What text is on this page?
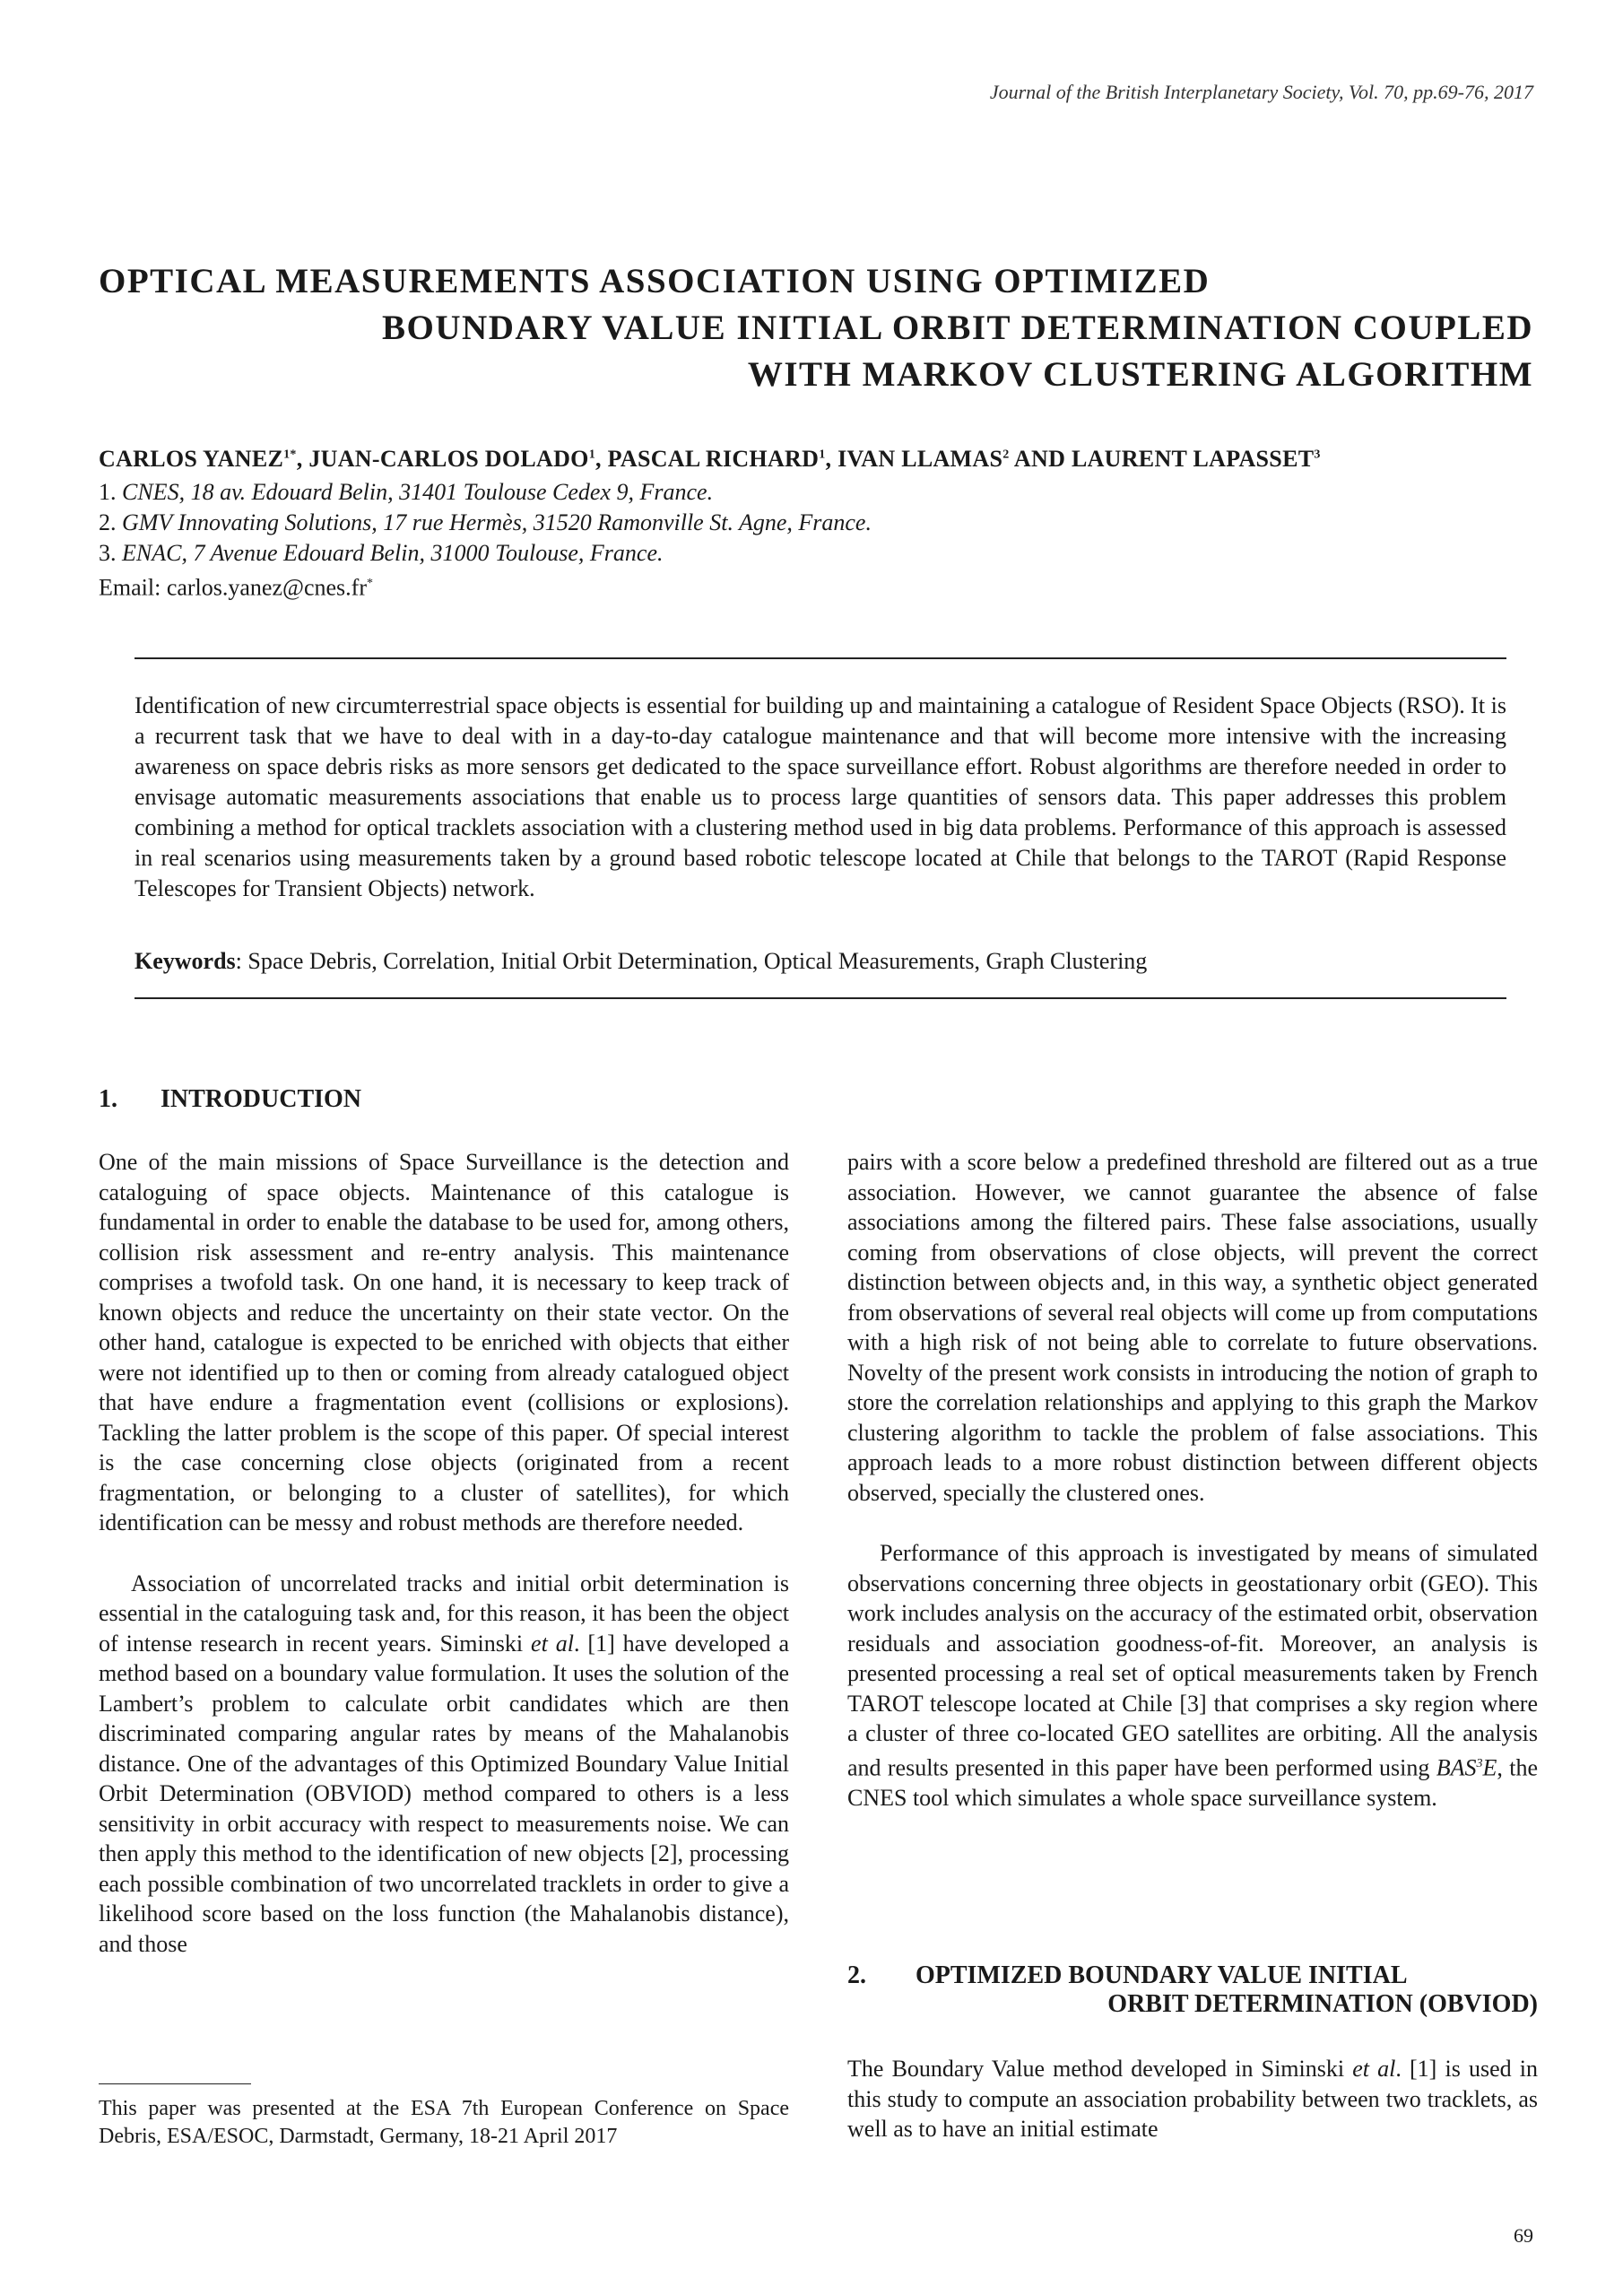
Journal of the British Interplanetary Society, Vol. 70, pp.69-76, 2017
OPTICAL MEASUREMENTS ASSOCIATION USING OPTIMIZED
BOUNDARY VALUE INITIAL ORBIT DETERMINATION COUPLED
WITH MARKOV CLUSTERING ALGORITHM
CARLOS $YANEZ^{1*}$, JUAN-CARLOS DOLADO$^1$, PASCAL RICHARD$^1$, IVAN LLAMAS$^2$ AND LAURENT LAPASSET$^3$
1. CNES, 18 av. Edouard Belin, 31401 Toulouse Cedex 9, France.
2. GMV Innovating Solutions, 17 rue Hermès, 31520 Ramonville St. Agne, France.
3. ENAC, 7 Avenue Edouard Belin, 31000 Toulouse, France.
Email: carlos.yanez@cnes.fr*
Identification of new circumterrestrial space objects is essential for building up and maintaining a catalogue of Resident Space Objects (RSO). It is a recurrent task that we have to deal with in a day-to-day catalogue maintenance and that will become more intensive with the increasing awareness on space debris risks as more sensors get dedicated to the space surveillance effort. Robust algorithms are therefore needed in order to envisage automatic measurements associations that enable us to process large quantities of sensors data. This paper addresses this problem combining a method for optical tracklets association with a clustering method used in big data problems. Performance of this approach is assessed in real scenarios using measurements taken by a ground based robotic telescope located at Chile that belongs to the TAROT (Rapid Response Telescopes for Transient Objects) network.
Keywords: Space Debris, Correlation, Initial Orbit Determination, Optical Measurements, Graph Clustering
1. INTRODUCTION

One of the main missions of Space Surveillance is the detection and cataloguing of space objects. Maintenance of this catalogue is fundamental in order to enable the database to be used for, among others, collision risk assessment and re-entry analysis. This maintenance comprises a twofold task. On one hand, it is necessary to keep track of known objects and reduce the uncertainty on their state vector. On the other hand, catalogue is expected to be enriched with objects that either were not identified up to then or coming from already catalogued object that have endure a fragmentation event (collisions or explosions). Tackling the latter problem is the scope of this paper. Of special interest is the case concerning close objects (originated from a recent fragmentation, or belonging to a cluster of satellites), for which identification can be messy and robust methods are therefore needed.

Association of uncorrelated tracks and initial orbit determination is essential in the cataloguing task and, for this reason, it has been the object of intense research in recent years. Siminski et al. [1] have developed a method based on a boundary value formulation. It uses the solution of the Lambert’s problem to calculate orbit candidates which are then discriminated comparing angular rates by means of the Mahalanobis distance. One of the advantages of this Optimized Boundary Value Initial Orbit Determination (OBVIOD) method compared to others is a less sensitivity in orbit accuracy with respect to measurements noise. We can then apply this method to the identification of new objects [2], processing each possible combination of two uncorrelated tracklets in order to give a likelihood score based on the loss function (the Mahalanobis distance), and those

This paper was presented at the ESA 7th European Conference on Space Debris, ESA/ESOC, Darmstadt, Germany, 18-21 April 2017

pairs with a score below a predefined threshold are filtered out as a true association. However, we cannot guarantee the absence of false associations among the filtered pairs. These false associations, usually coming from observations of close objects, will prevent the correct distinction between objects and, in this way, a synthetic object generated from observations of several real objects will come up from computations with a high risk of not being able to correlate to future observations. Novelty of the present work consists in introducing the notion of graph to store the correlation relationships and applying to this graph the Markov clustering algorithm to tackle the problem of false associations. This approach leads to a more robust distinction between different objects observed, specially the clustered ones.

Performance of this approach is investigated by means of simulated observations concerning three objects in geostationary orbit (GEO). This work includes analysis on the accuracy of the estimated orbit, observation residuals and association goodness-of-fit. Moreover, an analysis is presented processing a real set of optical measurements taken by French TAROT telescope located at Chile [3] that comprises a sky region where a cluster of three co-located GEO satellites are orbiting. All the analysis and results presented in this paper have been performed using BAS$^3$E, the CNES tool which simulates a whole space surveillance system.

2. OPTIMIZED BOUNDARY VALUE INITIAL
ORBIT DETERMINATION (OBVIOD)

The Boundary Value method developed in Siminski et al. [1] is used in this study to compute an association probability between two tracklets, as well as to have an initial estimate

69
